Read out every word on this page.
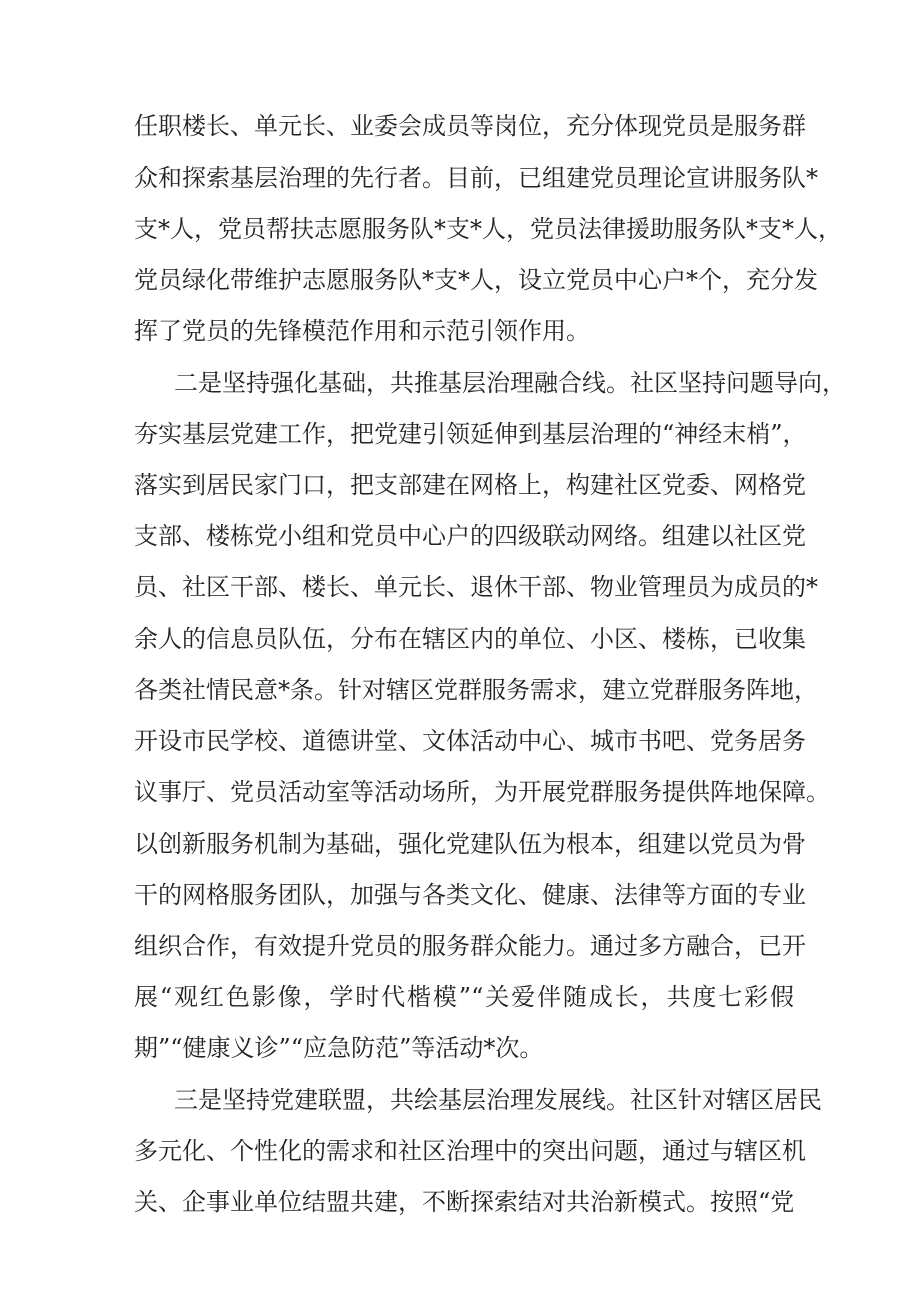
任职楼长、单元长、业委会成员等岗位，充分体现党员是服务群
众和探索基层治理的先行者。目前，已组建党员理论宣讲服务队*
支*人，党员帮扶志愿服务队*支*人，党员法律援助服务队*支*人，
党员绿化带维护志愿服务队*支*人，设立党员中心户*个，充分发
挥了党员的先锋模范作用和示范引领作用。
二是坚持强化基础，共推基层治理融合线。社区坚持问题导向，
夯实基层党建工作，把党建引领延伸到基层治理的“神经末梢”，
落实到居民家门口，把支部建在网格上，构建社区党委、网格党
支部、楼栋党小组和党员中心户的四级联动网络。组建以社区党
员、社区干部、楼长、单元长、退休干部、物业管理员为成员的*
余人的信息员队伍，分布在辖区内的单位、小区、楼栋，已收集
各类社情民意*条。针对辖区党群服务需求，建立党群服务阵地，
开设市民学校、道德讲堂、文体活动中心、城市书吧、党务居务
议事厅、党员活动室等活动场所，为开展党群服务提供阵地保障。
以创新服务机制为基础，强化党建队伍为根本，组建以党员为骨
干的网格服务团队，加强与各类文化、健康、法律等方面的专业
组织合作，有效提升党员的服务群众能力。通过多方融合，已开
展“观红色影像，学时代楷模”“关爱伴随成长，共度七彩假
期”“健康义诊”“应急防范”等活动*次。
三是坚持党建联盟，共绘基层治理发展线。社区针对辖区居民
多元化、个性化的需求和社区治理中的突出问题，通过与辖区机
关、企事业单位结盟共建，不断探索结对共治新模式。按照“党
